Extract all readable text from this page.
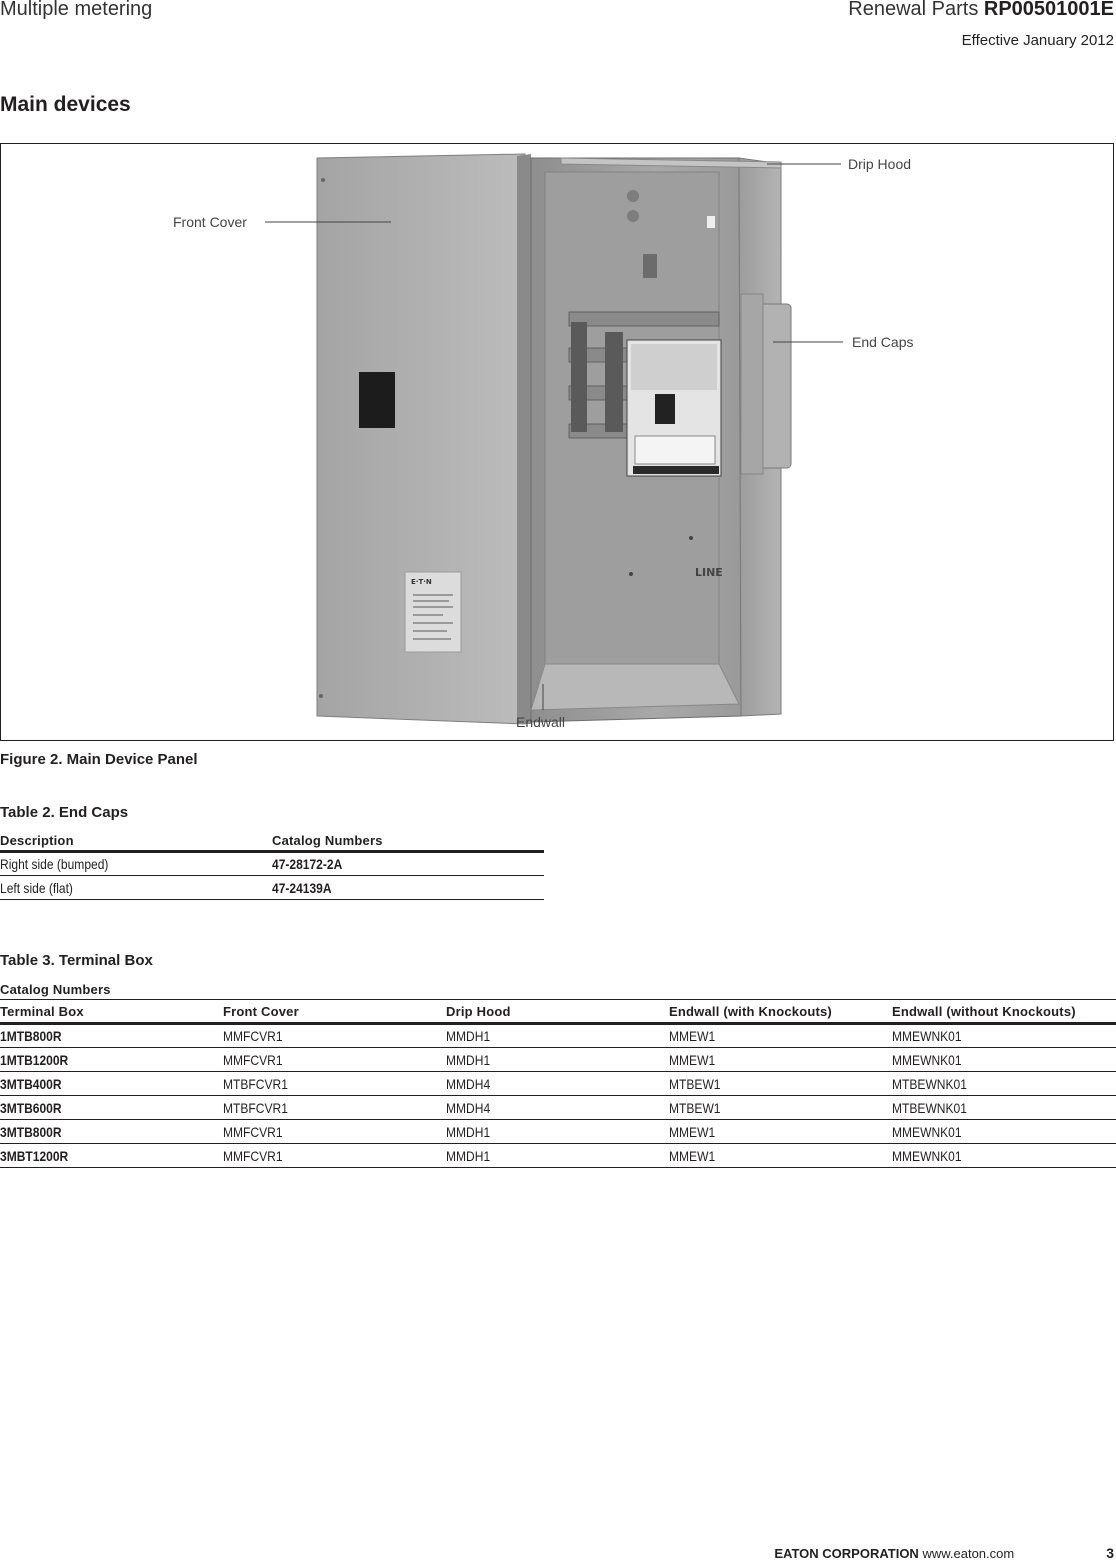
Multiple metering	Renewal Parts RP00501001E
Effective January 2012
Main devices
E·T·N
LINE
Drip Hood
Front Cover
End Caps
Endwall
Figure 2. Main Device Panel
Table 2. End Caps
Description	Catalog Numbers
Right side (bumped)	47-28172-2A
Left side (flat)	47-24139A
Table 3. Terminal Box
Catalog Numbers				
Terminal Box	Front Cover	Drip Hood	Endwall (with Knockouts)	Endwall (without Knockouts)
1MTB800R	MMFCVR1	MMDH1	MMEW1	MMEWNK01
1MTB1200R	MMFCVR1	MMDH1	MMEW1	MMEWNK01
3MTB400R	MTBFCVR1	MMDH4	MTBEW1	MTBEWNK01
3MTB600R	MTBFCVR1	MMDH4	MTBEW1	MTBEWNK01
3MTB800R	MMFCVR1	MMDH1	MMEW1	MMEWNK01
3MBT1200R	MMFCVR1	MMDH1	MMEW1	MMEWNK01
EATON CORPORATION www.eaton.com	3
